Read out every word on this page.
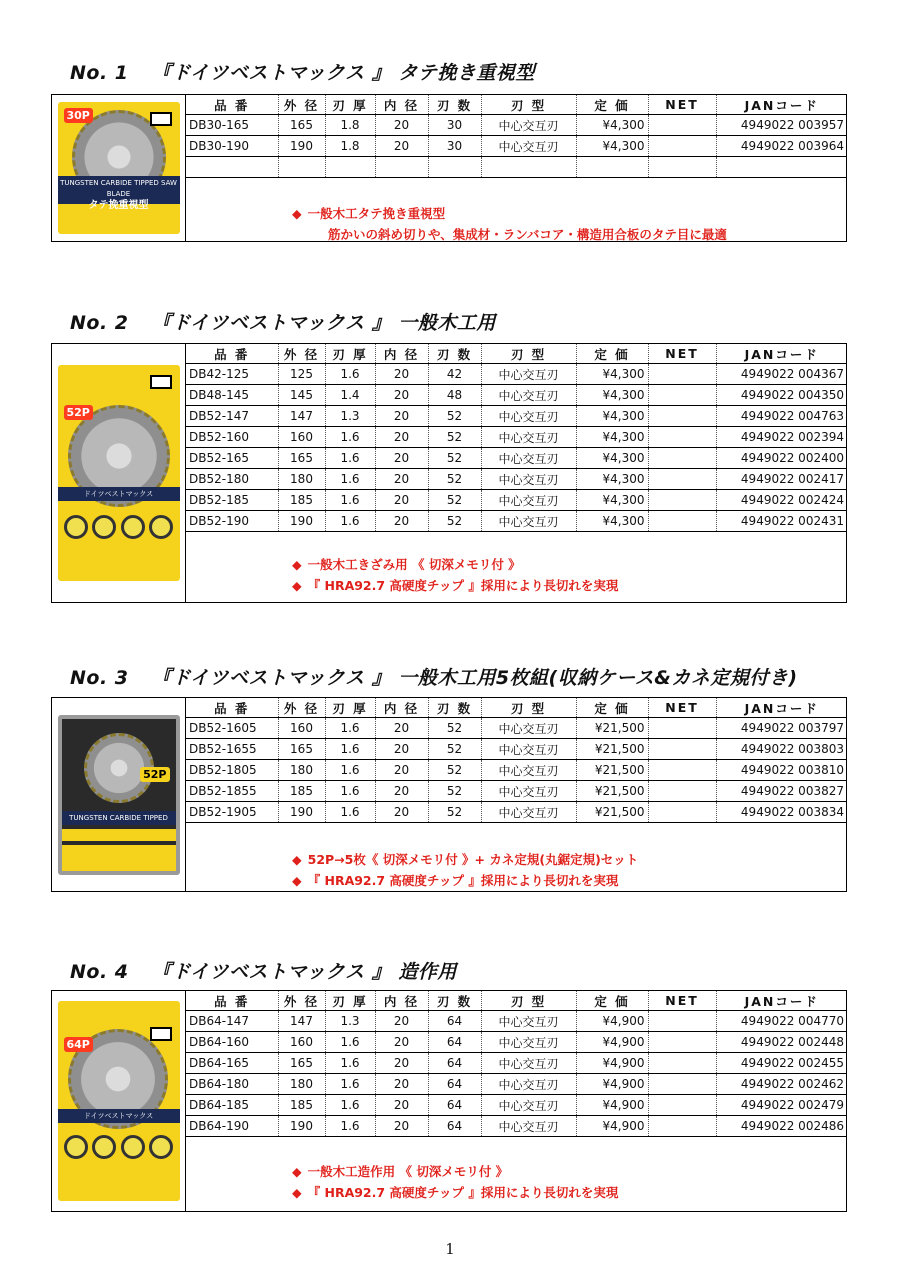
No. 1 『ドイツベストマックス 』 タテ挽き重視型
30P
TUNGSTEN CARBIDE TIPPED SAW BLADE
タテ挽重視型
品 番	外 径	刃 厚	内 径	刃 数	刃 型	定 価	NET	JANコード
DB30-165	165	1.8	20	30	中心交互刃	¥4,300		4949022 003957
DB30-190	190	1.8	20	30	中心交互刃	¥4,300		4949022 003964

◆ 一般木工タテ挽き重視型
筋かいの斜め切りや、集成材・ランバコア・構造用合板のタテ目に最適
No. 2 『ドイツベストマックス 』 一般木工用
52P
ドイツベストマックス
品 番	外 径	刃 厚	内 径	刃 数	刃 型	定 価	NET	JANコード
DB42-125	125	1.6	20	42	中心交互刃	¥4,300		4949022 004367
DB48-145	145	1.4	20	48	中心交互刃	¥4,300		4949022 004350
DB52-147	147	1.3	20	52	中心交互刃	¥4,300		4949022 004763
DB52-160	160	1.6	20	52	中心交互刃	¥4,300		4949022 002394
DB52-165	165	1.6	20	52	中心交互刃	¥4,300		4949022 002400
DB52-180	180	1.6	20	52	中心交互刃	¥4,300		4949022 002417
DB52-185	185	1.6	20	52	中心交互刃	¥4,300		4949022 002424
DB52-190	190	1.6	20	52	中心交互刃	¥4,300		4949022 002431
◆ 一般木工きざみ用 《 切深メモリ付 》
◆ 『 HRA92.7 高硬度チップ 』採用により長切れを実現
No. 3 『ドイツベストマックス 』 一般木工用5枚組(収納ケース&カネ定規付き)
52P
TUNGSTEN CARBIDE TIPPED
品 番	外 径	刃 厚	内 径	刃 数	刃 型	定 価	NET	JANコード
DB52-1605	160	1.6	20	52	中心交互刃	¥21,500		4949022 003797
DB52-1655	165	1.6	20	52	中心交互刃	¥21,500		4949022 003803
DB52-1805	180	1.6	20	52	中心交互刃	¥21,500		4949022 003810
DB52-1855	185	1.6	20	52	中心交互刃	¥21,500		4949022 003827
DB52-1905	190	1.6	20	52	中心交互刃	¥21,500		4949022 003834
◆ 52P→5枚《 切深メモリ付 》+ カネ定規(丸鋸定規)セット
◆ 『 HRA92.7 高硬度チップ 』採用により長切れを実現
No. 4 『ドイツベストマックス 』 造作用
64P
ドイツベストマックス
品 番	外 径	刃 厚	内 径	刃 数	刃 型	定 価	NET	JANコード
DB64-147	147	1.3	20	64	中心交互刃	¥4,900		4949022 004770
DB64-160	160	1.6	20	64	中心交互刃	¥4,900		4949022 002448
DB64-165	165	1.6	20	64	中心交互刃	¥4,900		4949022 002455
DB64-180	180	1.6	20	64	中心交互刃	¥4,900		4949022 002462
DB64-185	185	1.6	20	64	中心交互刃	¥4,900		4949022 002479
DB64-190	190	1.6	20	64	中心交互刃	¥4,900		4949022 002486
◆ 一般木工造作用 《 切深メモリ付 》
◆ 『 HRA92.7 高硬度チップ 』採用により長切れを実現
1
